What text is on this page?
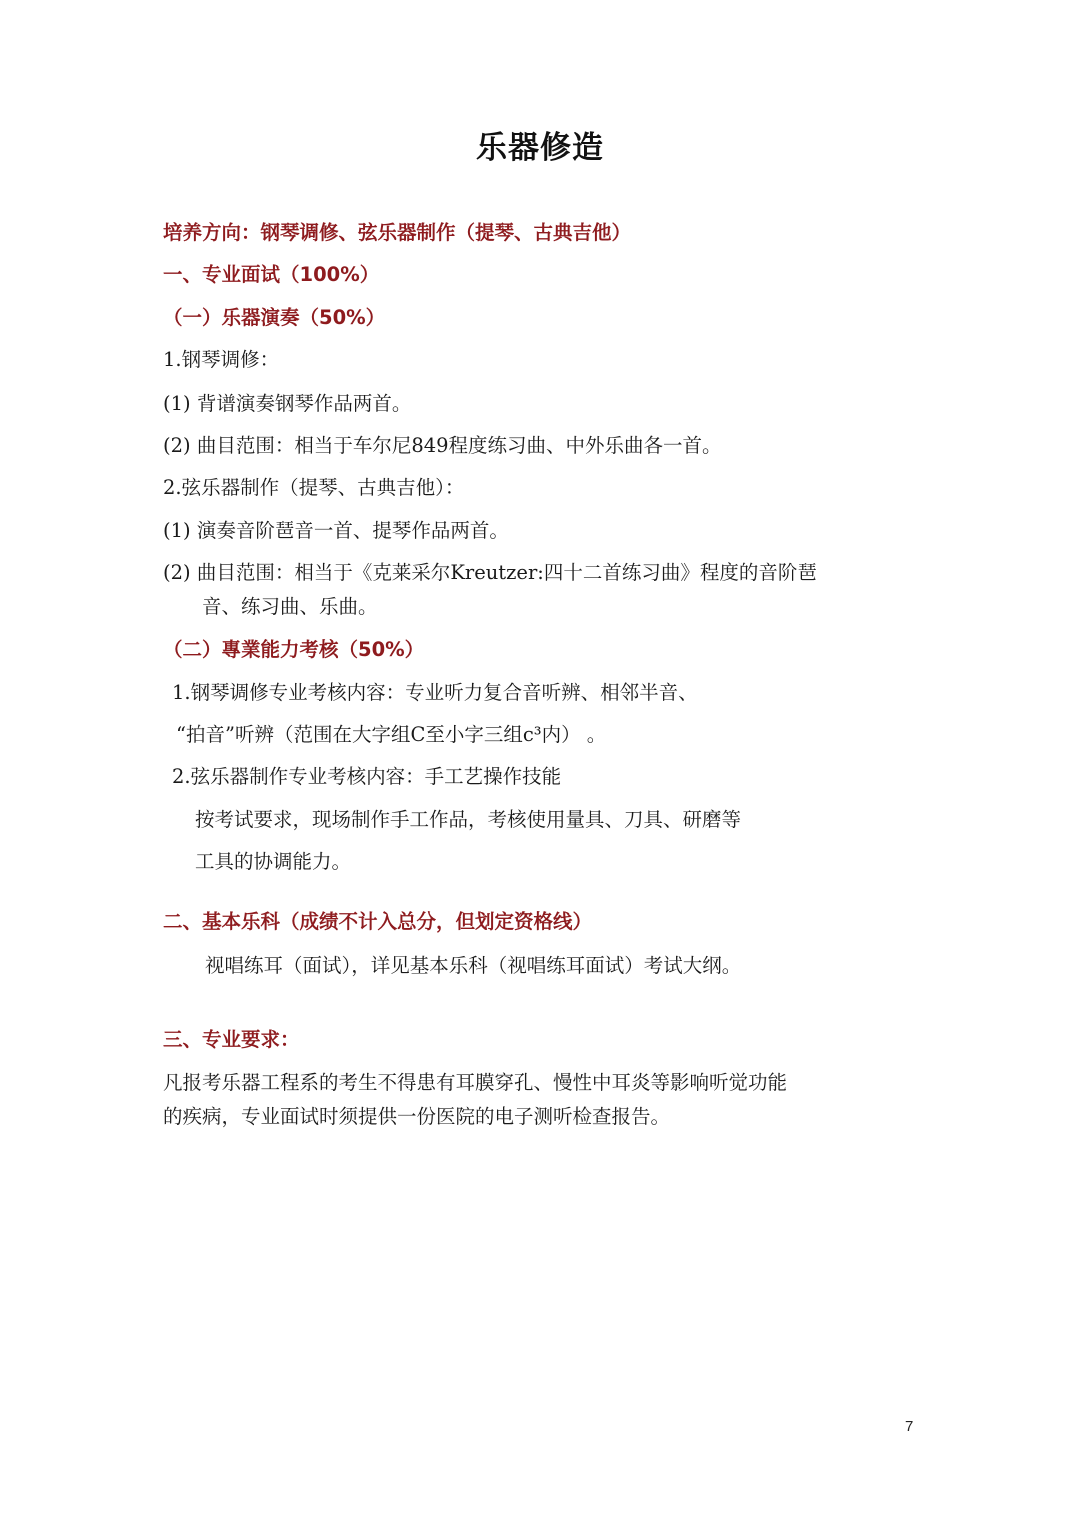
乐器修造
培养方向：钢琴调修、弦乐器制作（提琴、古典吉他）
一、专业面试（100%）
（一）乐器演奏（50%）
1.钢琴调修：
(1) 背谱演奏钢琴作品两首。
(2) 曲目范围：相当于车尔尼849程度练习曲、中外乐曲各一首。
2.弦乐器制作（提琴、古典吉他）：
(1) 演奏音阶琶音一首、提琴作品两首。
(2) 曲目范围：相当于《克莱采尔Kreutzer:四十二首练习曲》程度的音阶琶
音、练习曲、乐曲。
（二）專業能力考核（50%）
1.钢琴调修专业考核内容：专业听力复合音听辨、相邻半音、
“拍音”听辨（范围在大字组C至小字三组c³内） 。
2.弦乐器制作专业考核内容：手工艺操作技能
按考试要求，现场制作手工作品，考核使用量具、刀具、研磨等
工具的协调能力。
二、基本乐科（成绩不计入总分，但划定资格线）
视唱练耳（面试），详见基本乐科（视唱练耳面试）考试大纲。
三、专业要求：
凡报考乐器工程系的考生不得患有耳膜穿孔、慢性中耳炎等影响听觉功能
的疾病，专业面试时须提供一份医院的电子测听检查报告。
7
